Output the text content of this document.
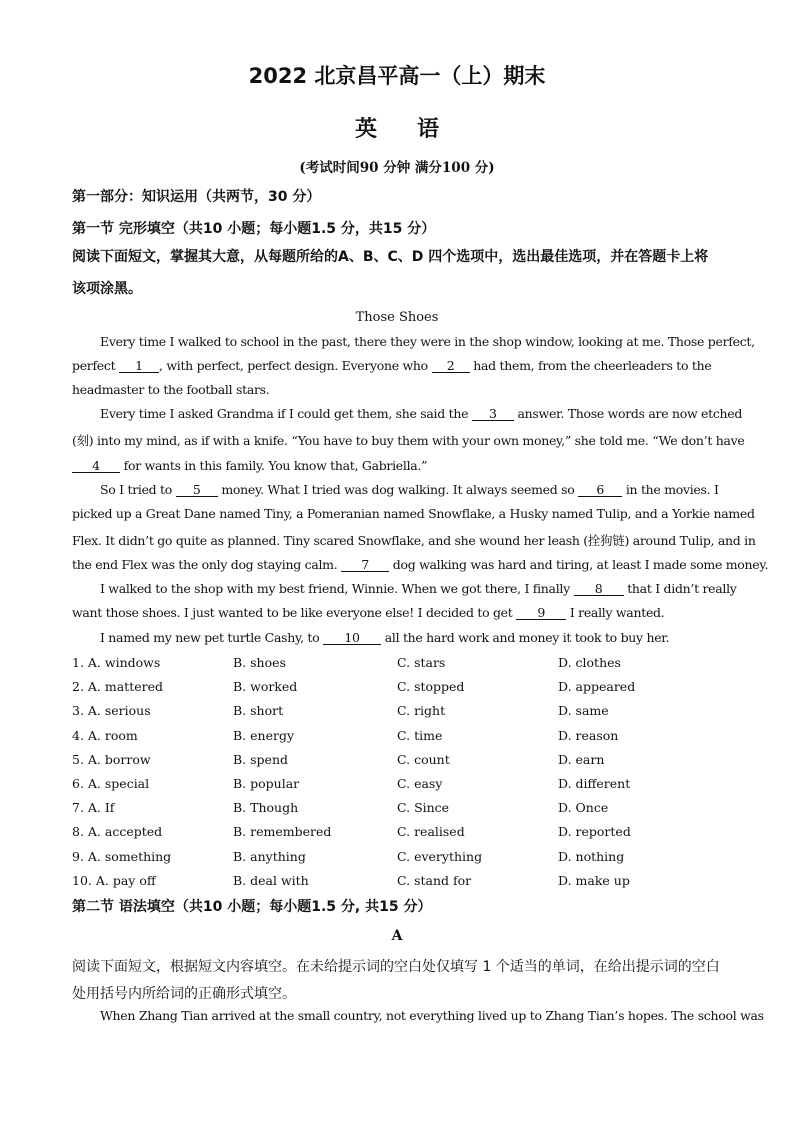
2022 北京昌平高一（上）期末
英语
(考试时间90 分钟 满分100 分)
第一部分：知识运用（共两节，30 分）
第一节 完形填空（共10 小题；每小题1.5 分，共15 分）
阅读下面短文，掌握其大意，从每题所给的A、B、C、D 四个选项中，选出最佳选项，并在答题卡上将该项涂黑。
Those Shoes
Every time I walked to school in the past, there they were in the shop window, looking at me. Those perfect,
perfect 1 , with perfect, perfect design. Everyone who 2 had them, from the cheerleaders to the
headmaster to the football stars.
Every time I asked Grandma if I could get them, she said the 3 answer. Those words are now etched
(刻) into my mind, as if with a knife. “You have to buy them with your own money,” she told me. “We don’t have
4 for wants in this family. You know that, Gabriella.”
So I tried to 5 money. What I tried was dog walking. It always seemed so 6 in the movies. I
picked up a Great Dane named Tiny, a Pomeranian named Snowflake, a Husky named Tulip, and a Yorkie named
Flex. It didn’t go quite as planned. Tiny scared Snowflake, and she wound her leash (拴狗链) around Tulip, and in
the end Flex was the only dog staying calm. 7 dog walking was hard and tiring, at least I made some money.
I walked to the shop with my best friend, Winnie. When we got there, I finally 8 that I didn’t really
want those shoes. I just wanted to be like everyone else! I decided to get 9 I really wanted.
I named my new pet turtle Cashy, to 10 all the hard work and money it took to buy her.
1. A. windows	B. shoes	C. stars	D. clothes
2. A. mattered	B. worked	C. stopped	D. appeared
3. A. serious	B. short	C. right	D. same
4. A. room	B. energy	C. time	D. reason
5. A. borrow	B. spend	C. count	D. earn
6. A. special	B. popular	C. easy	D. different
7. A. If	B. Though	C. Since	D. Once
8. A. accepted	B. remembered	C. realised	D. reported
9. A. something	B. anything	C. everything	D. nothing
10. A. pay off	B. deal with	C. stand for	D. make up
第二节 语法填空（共10 小题；每小题1.5 分, 共15 分）
A
阅读下面短文，根据短文内容填空。在未给提示词的空白处仅填写 1 个适当的单词，在给出提示词的空白
处用括号内所给词的正确形式填空。
When Zhang Tian arrived at the small country, not everything lived up to Zhang Tian’s hopes. The school was
